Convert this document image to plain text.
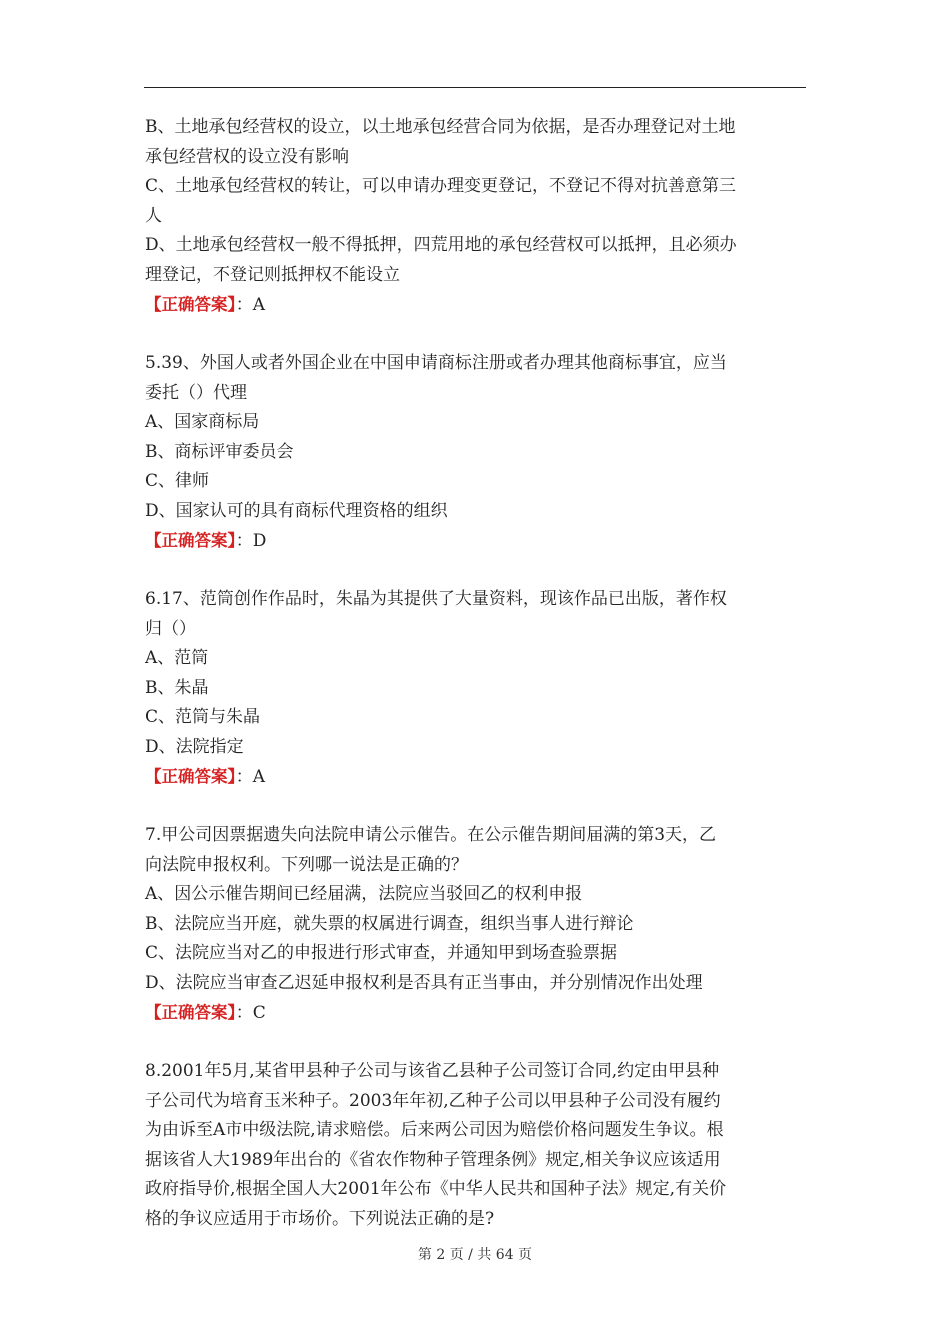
B、土地承包经营权的设立，以土地承包经营合同为依据，是否办理登记对土地
承包经营权的设立没有影响
C、土地承包经营权的转让，可以申请办理变更登记，不登记不得对抗善意第三
人
D、土地承包经营权一般不得抵押，四荒用地的承包经营权可以抵押，且必须办
理登记，不登记则抵押权不能设立
【正确答案】：A
5.39、外国人或者外国企业在中国申请商标注册或者办理其他商标事宜，应当
委托（）代理
A、国家商标局
B、商标评审委员会
C、律师
D、国家认可的具有商标代理资格的组织
【正确答案】：D
6.17、范筒创作作品时，朱晶为其提供了大量资料，现该作品已出版，著作权
归（）
A、范筒
B、朱晶
C、范筒与朱晶
D、法院指定
【正确答案】：A
7.甲公司因票据遗失向法院申请公示催告。在公示催告期间届满的第3天，乙
向法院申报权利。下列哪一说法是正确的？
A、因公示催告期间已经届满，法院应当驳回乙的权利申报
B、法院应当开庭，就失票的权属进行调查，组织当事人进行辩论
C、法院应当对乙的申报进行形式审查，并通知甲到场查验票据
D、法院应当审查乙迟延申报权利是否具有正当事由，并分别情况作出处理
【正确答案】：C
8.2001年5月,某省甲县种子公司与该省乙县种子公司签订合同,约定由甲县种
子公司代为培育玉米种子。2003年年初,乙种子公司以甲县种子公司没有履约
为由诉至A市中级法院,请求赔偿。后来两公司因为赔偿价格问题发生争议。根
据该省人大1989年出台的《省农作物种子管理条例》规定,相关争议应该适用
政府指导价,根据全国人大2001年公布《中华人民共和国种子法》规定,有关价
格的争议应适用于市场价。下列说法正确的是?
第 2 页 / 共 64 页
